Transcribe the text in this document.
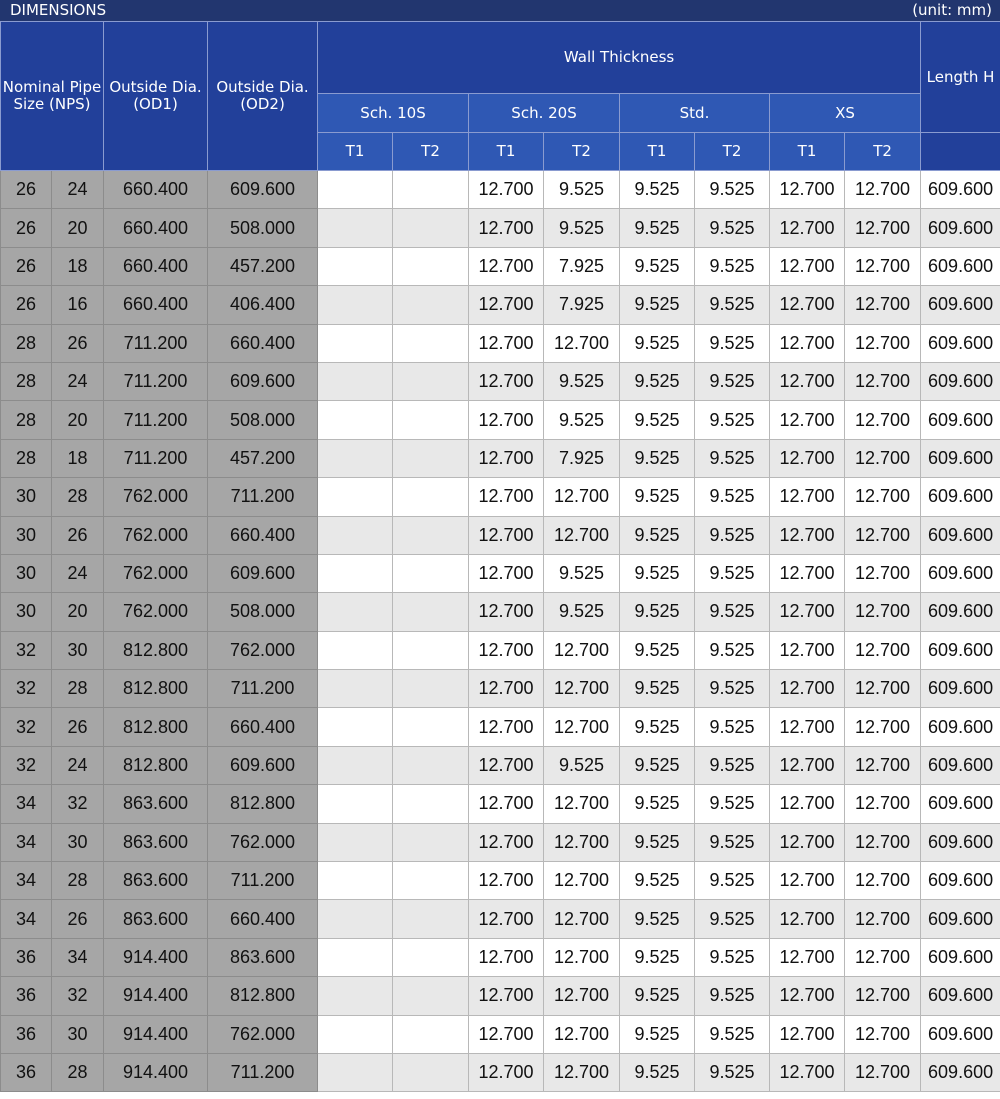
DIMENSIONS	(unit: mm)
Nominal Pipe Size (NPS)		Outside Dia. (OD1)	Outside Dia. (OD2)	Wall Thickness								Length H
				Sch. 10S		Sch. 20S		Std.		XS		
				T1	T2	T1	T2	T1	T2	T1	T2	
26	24	660.400	609.600			12.700	9.525	9.525	9.525	12.700	12.700	609.600
26	20	660.400	508.000			12.700	9.525	9.525	9.525	12.700	12.700	609.600
26	18	660.400	457.200			12.700	7.925	9.525	9.525	12.700	12.700	609.600
26	16	660.400	406.400			12.700	7.925	9.525	9.525	12.700	12.700	609.600
28	26	711.200	660.400			12.700	12.700	9.525	9.525	12.700	12.700	609.600
28	24	711.200	609.600			12.700	9.525	9.525	9.525	12.700	12.700	609.600
28	20	711.200	508.000			12.700	9.525	9.525	9.525	12.700	12.700	609.600
28	18	711.200	457.200			12.700	7.925	9.525	9.525	12.700	12.700	609.600
30	28	762.000	711.200			12.700	12.700	9.525	9.525	12.700	12.700	609.600
30	26	762.000	660.400			12.700	12.700	9.525	9.525	12.700	12.700	609.600
30	24	762.000	609.600			12.700	9.525	9.525	9.525	12.700	12.700	609.600
30	20	762.000	508.000			12.700	9.525	9.525	9.525	12.700	12.700	609.600
32	30	812.800	762.000			12.700	12.700	9.525	9.525	12.700	12.700	609.600
32	28	812.800	711.200			12.700	12.700	9.525	9.525	12.700	12.700	609.600
32	26	812.800	660.400			12.700	12.700	9.525	9.525	12.700	12.700	609.600
32	24	812.800	609.600			12.700	9.525	9.525	9.525	12.700	12.700	609.600
34	32	863.600	812.800			12.700	12.700	9.525	9.525	12.700	12.700	609.600
34	30	863.600	762.000			12.700	12.700	9.525	9.525	12.700	12.700	609.600
34	28	863.600	711.200			12.700	12.700	9.525	9.525	12.700	12.700	609.600
34	26	863.600	660.400			12.700	12.700	9.525	9.525	12.700	12.700	609.600
36	34	914.400	863.600			12.700	12.700	9.525	9.525	12.700	12.700	609.600
36	32	914.400	812.800			12.700	12.700	9.525	9.525	12.700	12.700	609.600
36	30	914.400	762.000			12.700	12.700	9.525	9.525	12.700	12.700	609.600
36	28	914.400	711.200			12.700	12.700	9.525	9.525	12.700	12.700	609.600
